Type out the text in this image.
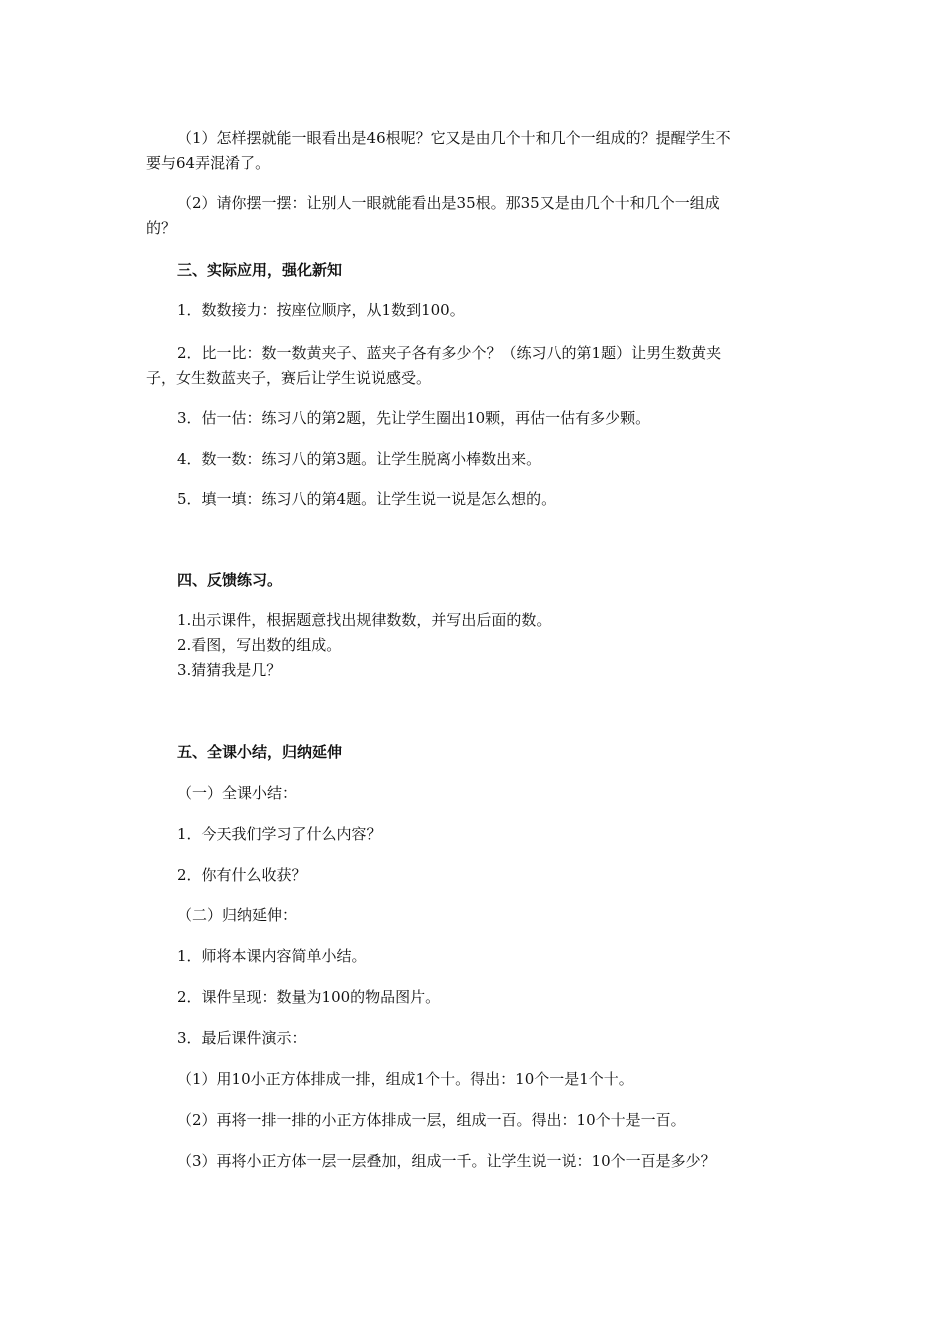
（1）怎样摆就能一眼看出是46根呢？它又是由几个十和几个一组成的？提醒学生不
要与64弄混淆了。
（2）请你摆一摆：让别人一眼就能看出是35根。那35又是由几个十和几个一组成
的？
三、实际应用，强化新知
1．数数接力：按座位顺序，从1数到100。
2．比一比：数一数黄夹子、蓝夹子各有多少个？（练习八的第1题）让男生数黄夹
子，女生数蓝夹子，赛后让学生说说感受。
3．估一估：练习八的第2题，先让学生圈出10颗，再估一估有多少颗。
4．数一数：练习八的第3题。让学生脱离小棒数出来。
5．填一填：练习八的第4题。让学生说一说是怎么想的。
四、反馈练习。
1.出示课件，根据题意找出规律数数，并写出后面的数。
2.看图，写出数的组成。
3.猜猜我是几？
五、全课小结，归纳延伸
（一）全课小结：
1．今天我们学习了什么内容？
2．你有什么收获？
（二）归纳延伸：
1．师将本课内容简单小结。
2．课件呈现：数量为100的物品图片。
3．最后课件演示：
（1）用10小正方体排成一排，组成1个十。得出：10个一是1个十。
（2）再将一排一排的小正方体排成一层，组成一百。得出：10个十是一百。
（3）再将小正方体一层一层叠加，组成一千。让学生说一说：10个一百是多少？
